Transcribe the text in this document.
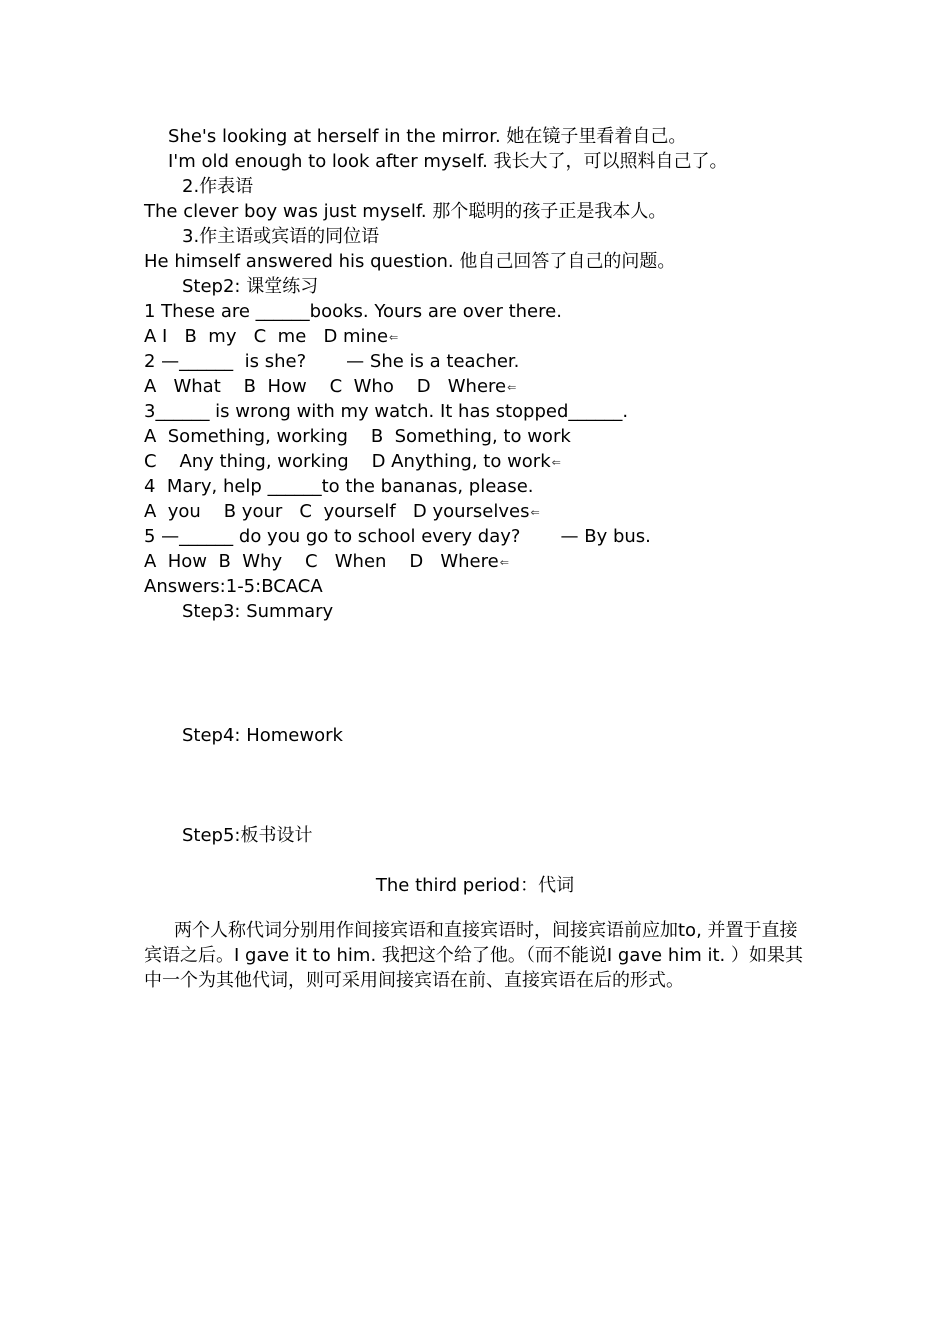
She's looking at herself in the mirror. 她在镜子里看着自己。
I'm old enough to look after myself. 我长大了，可以照料自己了。
2.作表语
The clever boy was just myself. 那个聪明的孩子正是我本人。
3.作主语或宾语的同位语
He himself answered his question. 他自己回答了自己的问题。
Step2: 课堂练习
1 These are ______books. Yours are over there.
A I   B  my   C  me   D mine⇐
2 —______  is she?       — She is a teacher.
A   What    B  How    C  Who    D   Where⇐
3______ is wrong with my watch. It has stopped______.
A  Something, working    B  Something, to work
C    Any thing, working    D Anything, to work⇐
4  Mary, help ______to the bananas, please.
A  you    B your   C  yourself   D yourselves⇐
5 —______ do you go to school every day?       — By bus.
A  How  B  Why    C   When    D   Where⇐
Answers:1-5:BCACA
Step3: Summary
Step4: Homework
Step5:板书设计
The third period：代词
两个人称代词分别用作间接宾语和直接宾语时，间接宾语前应加to, 并置于直接宾语之后。I gave it to him. 我把这个给了他。（而不能说I gave him it. ）如果其中一个为其他代词，则可采用间接宾语在前、直接宾语在后的形式。
